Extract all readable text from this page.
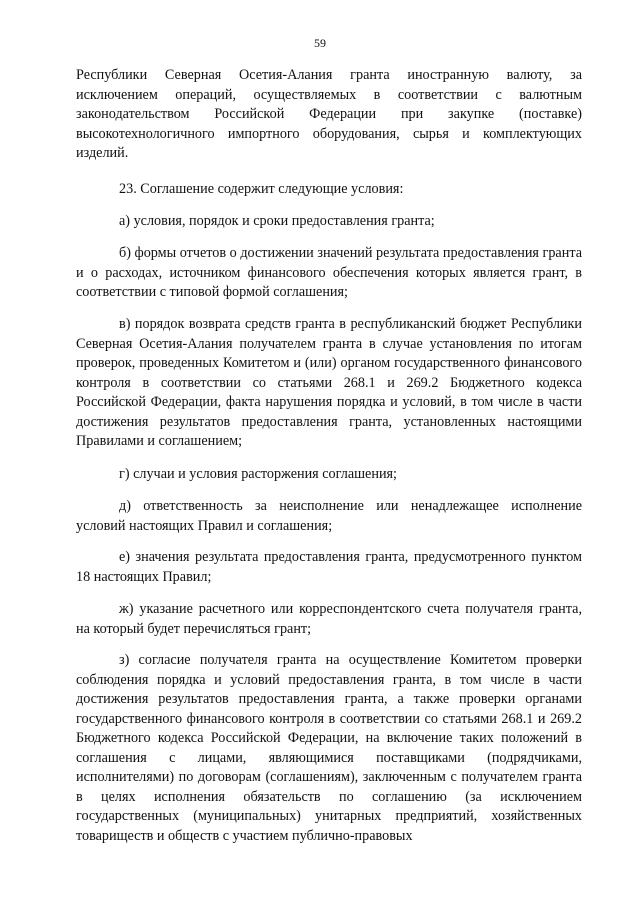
59

Республики Северная Осетия-Алания гранта иностранную валюту, за исключением операций, осуществляемых в соответствии с валютным законодательством Российской Федерации при закупке (поставке) высокотехнологичного импортного оборудования, сырья и комплектующих изделий.

23. Соглашение содержит следующие условия:

а) условия, порядок и сроки предоставления гранта;

б) формы отчетов о достижении значений результата предоставления гранта и о расходах, источником финансового обеспечения которых является грант, в соответствии с типовой формой соглашения;

в) порядок возврата средств гранта в республиканский бюджет Республики Северная Осетия-Алания получателем гранта в случае установления по итогам проверок, проведенных Комитетом и (или) органом государственного финансового контроля в соответствии со статьями 268.1 и 269.2 Бюджетного кодекса Российской Федерации, факта нарушения порядка и условий, в том числе в части достижения результатов предоставления гранта, установленных настоящими Правилами и соглашением;

г) случаи и условия расторжения соглашения;

д) ответственность за неисполнение или ненадлежащее исполнение условий настоящих Правил и соглашения;

е) значения результата предоставления гранта, предусмотренного пунктом 18 настоящих Правил;

ж) указание расчетного или корреспондентского счета получателя гранта, на который будет перечисляться грант;

з) согласие получателя гранта на осуществление Комитетом проверки соблюдения порядка и условий предоставления гранта, в том числе в части достижения результатов предоставления гранта, а также проверки органами государственного финансового контроля в соответствии со статьями 268.1 и 269.2 Бюджетного кодекса Российской Федерации, на включение таких положений в соглашения с лицами, являющимися поставщиками (подрядчиками, исполнителями) по договорам (соглашениям), заключенным с получателем гранта в целях исполнения обязательств по соглашению (за исключением государственных (муниципальных) унитарных предприятий, хозяйственных товариществ и обществ с участием публично-правовых
